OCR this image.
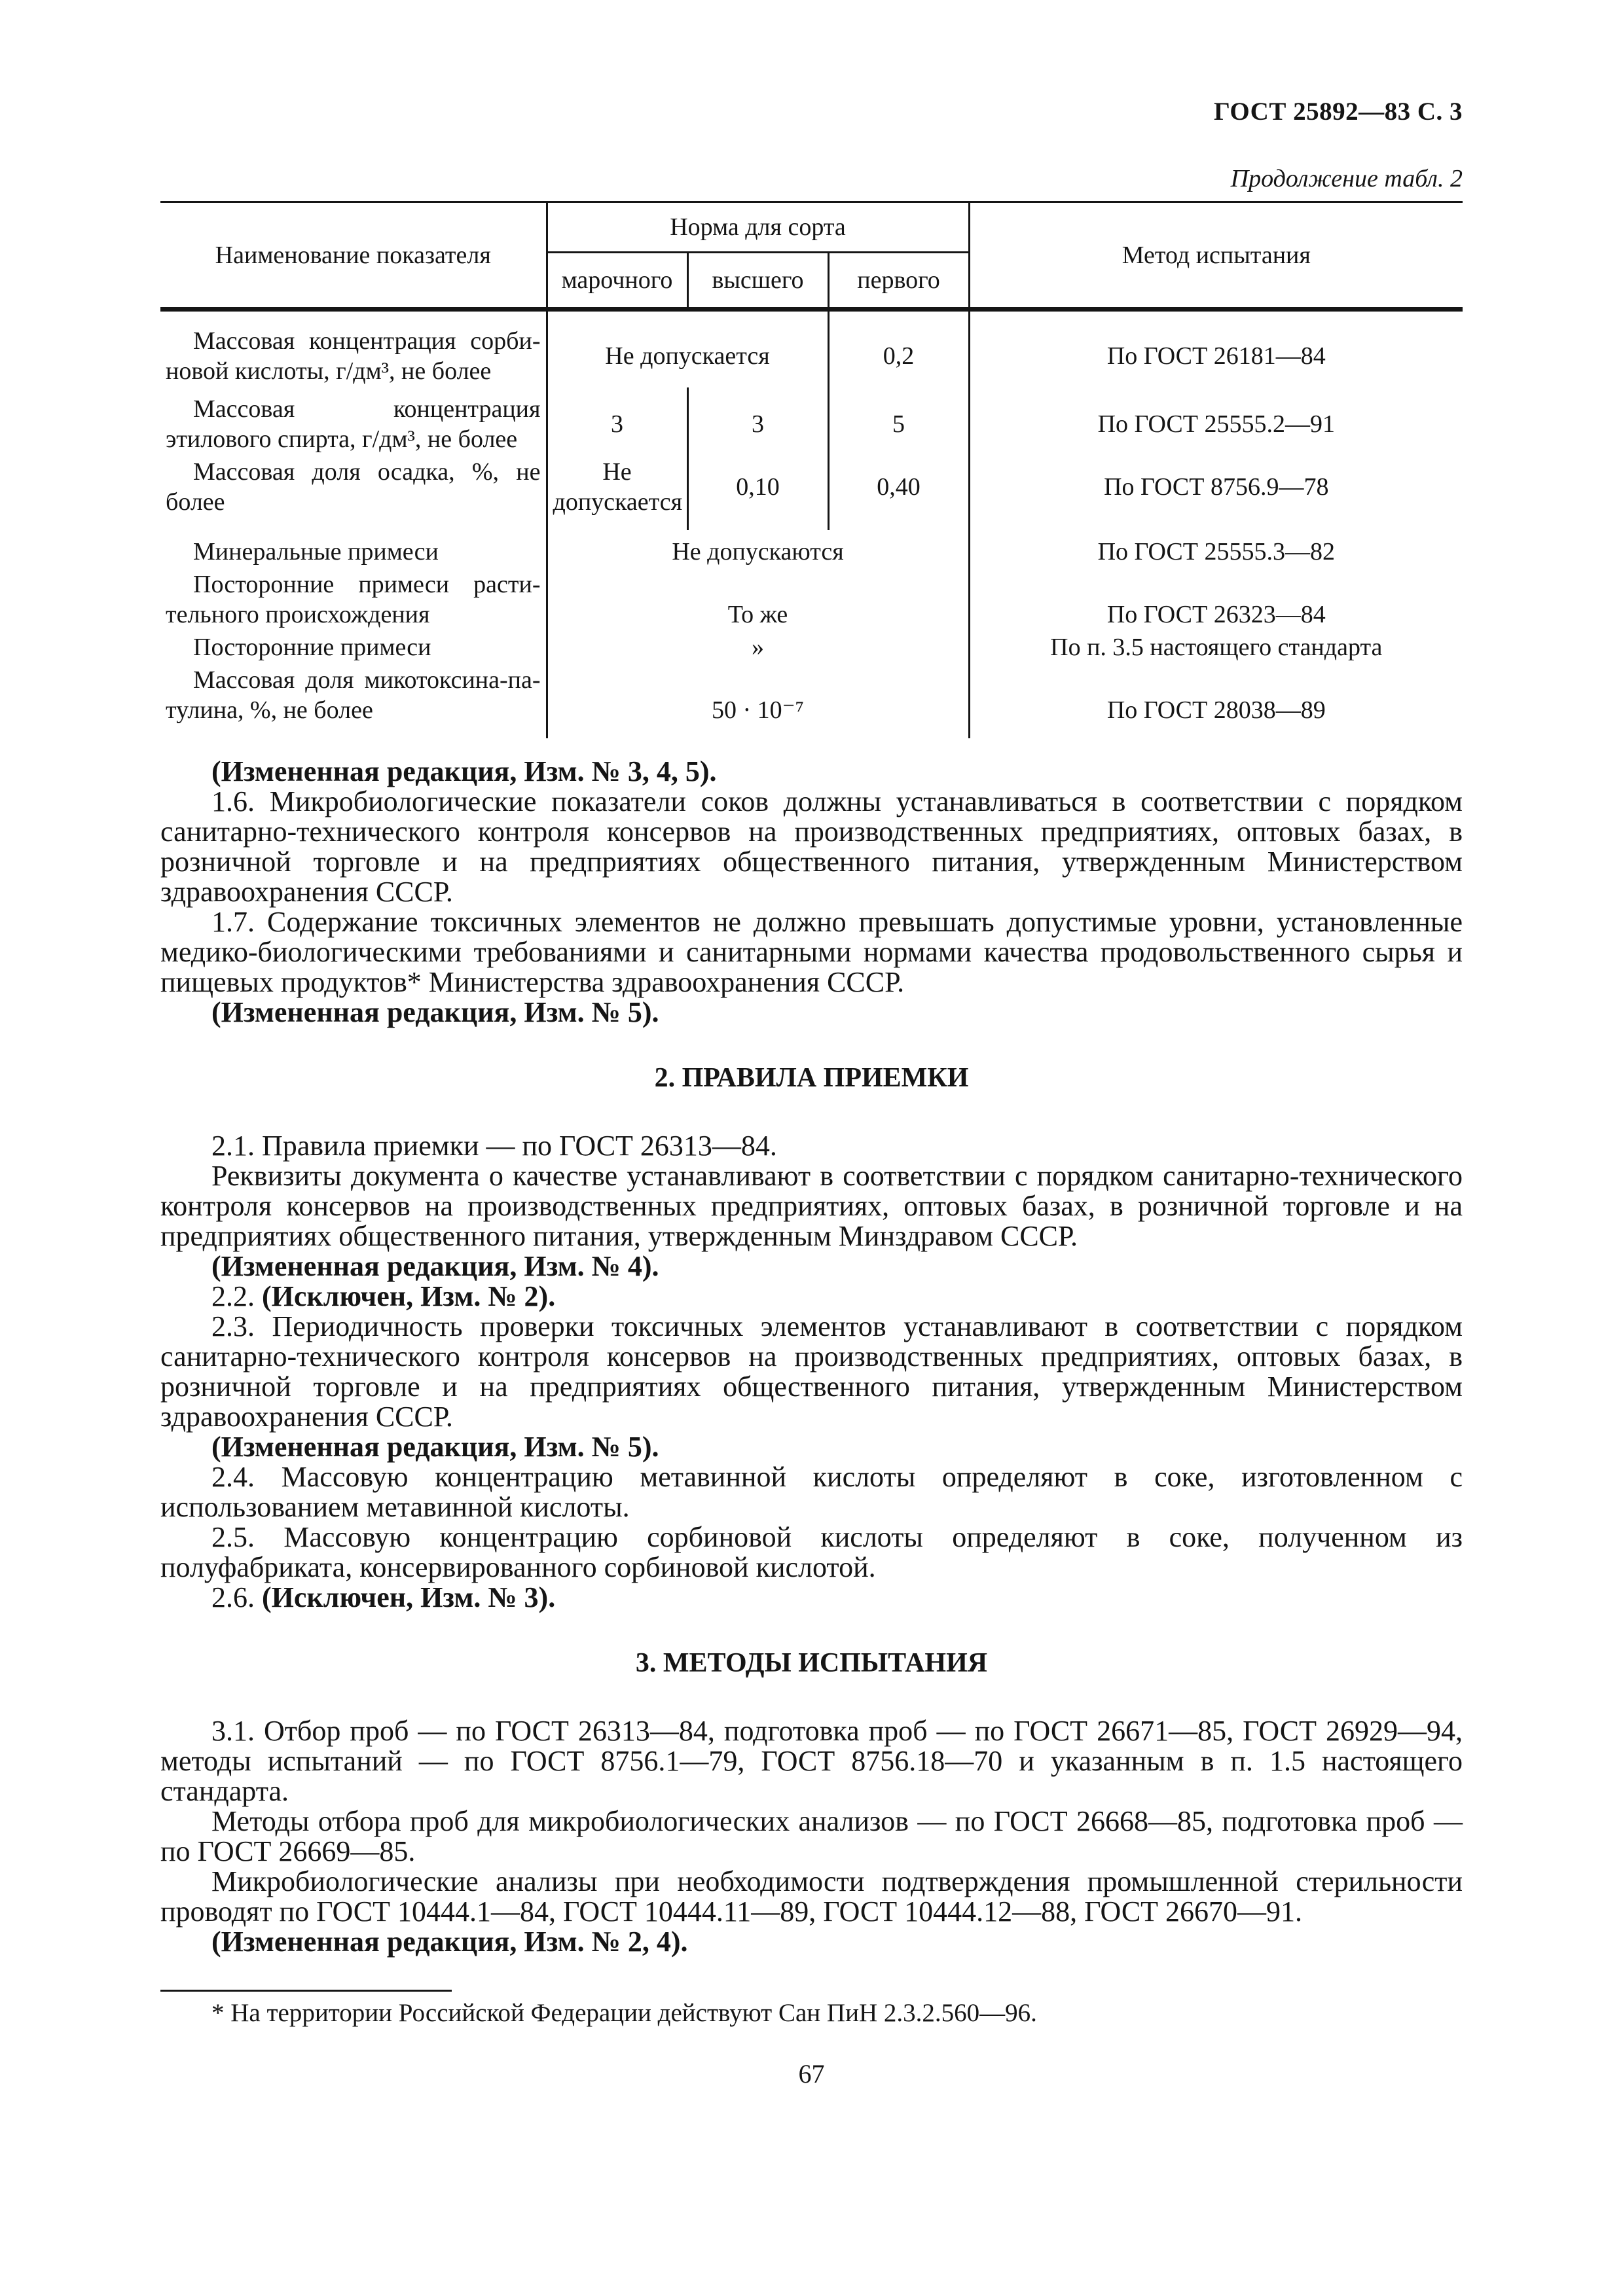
ГОСТ 25892—83 С. 3
Продолжение табл. 2
Наименование показателя	Норма для сорта			Метод испытания
	марочного	высшего	первого	
Массовая концентрация сорбиновой кислоты, г/дм³, не более	Не допускается		0,2	По ГОСТ 26181—84
Массовая концентрация этилового спирта, г/дм³, не более	3	3	5	По ГОСТ 25555.2—91
Массовая доля осадка, %, не более	Не допускается	0,10	0,40	По ГОСТ 8756.9—78
Минеральные примеси	Не допускаются			По ГОСТ 25555.3—82
Посторонние примеси растительного происхождения	То же			По ГОСТ 26323—84
Посторонние примеси	»			По п. 3.5 настоящего стандарта
Массовая доля микотоксина-патулина, %, не более	50 · 10⁻⁷			По ГОСТ 28038—89

(Измененная редакция, Изм. № 3, 4, 5).

1.6. Микробиологические показатели соков должны устанавливаться в соответствии с порядком санитарно-технического контроля консервов на производственных предприятиях, оптовых базах, в розничной торговле и на предприятиях общественного питания, утвержденным Министерством здравоохранения СССР.

1.7. Содержание токсичных элементов не должно превышать допустимые уровни, установленные медико-биологическими требованиями и санитарными нормами качества продовольственного сырья и пищевых продуктов* Министерства здравоохранения СССР.

(Измененная редакция, Изм. № 5).

2. ПРАВИЛА ПРИЕМКИ

2.1. Правила приемки — по ГОСТ 26313—84.

Реквизиты документа о качестве устанавливают в соответствии с порядком санитарно-технического контроля консервов на производственных предприятиях, оптовых базах, в розничной торговле и на предприятиях общественного питания, утвержденным Минздравом СССР.

(Измененная редакция, Изм. № 4).

2.2. (Исключен, Изм. № 2).

2.3. Периодичность проверки токсичных элементов устанавливают в соответствии с порядком санитарно-технического контроля консервов на производственных предприятиях, оптовых базах, в розничной торговле и на предприятиях общественного питания, утвержденным Министерством здравоохранения СССР.

(Измененная редакция, Изм. № 5).

2.4. Массовую концентрацию метавинной кислоты определяют в соке, изготовленном с использованием метавинной кислоты.

2.5. Массовую концентрацию сорбиновой кислоты определяют в соке, полученном из полуфабриката, консервированного сорбиновой кислотой.

2.6. (Исключен, Изм. № 3).

3. МЕТОДЫ ИСПЫТАНИЯ

3.1. Отбор проб — по ГОСТ 26313—84, подготовка проб — по ГОСТ 26671—85, ГОСТ 26929—94, методы испытаний — по ГОСТ 8756.1—79, ГОСТ 8756.18—70 и указанным в п. 1.5 настоящего стандарта.

Методы отбора проб для микробиологических анализов — по ГОСТ 26668—85, подготовка проб — по ГОСТ 26669—85.

Микробиологические анализы при необходимости подтверждения промышленной стерильности проводят по ГОСТ 10444.1—84, ГОСТ 10444.11—89, ГОСТ 10444.12—88, ГОСТ 26670—91.

(Измененная редакция, Изм. № 2, 4).

* На территории Российской Федерации действуют Сан ПиН 2.3.2.560—96.

67
